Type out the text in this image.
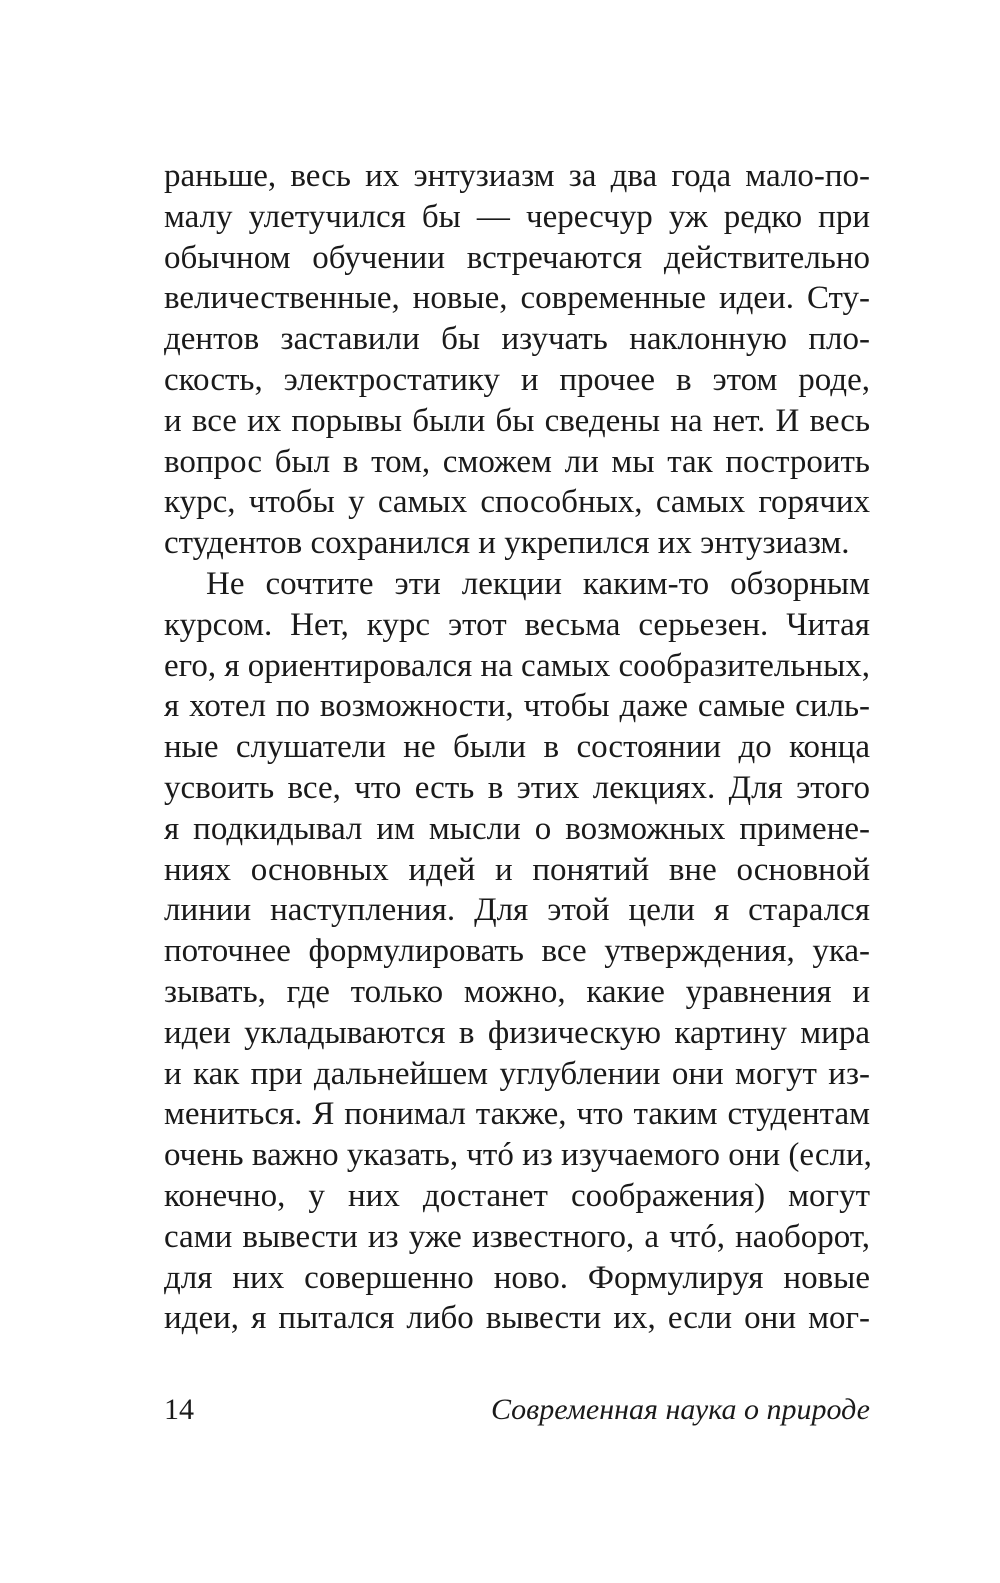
раньше, весь их энтузиазм за два года мало-по-
малу улетучился бы — чересчур уж редко при
обычном обучении встречаются действительно
величественные, новые, современные идеи. Сту-
дентов заставили бы изучать наклонную пло-
скость, электростатику и прочее в этом роде,
и все их порывы были бы сведены на нет. И весь
вопрос был в том, сможем ли мы так построить
курс, чтобы у самых способных, самых горячих
студентов сохранился и укрепился их энтузиазм.
Не сочтите эти лекции каким-то обзорным
курсом. Нет, курс этот весьма серьезен. Читая
его, я ориентировался на самых сообразительных,
я хотел по возможности, чтобы даже самые силь-
ные слушатели не были в состоянии до конца
усвоить все, что есть в этих лекциях. Для этого
я подкидывал им мысли о возможных примене-
ниях основных идей и понятий вне основной
линии наступления. Для этой цели я старался
поточнее формулировать все утверждения, ука-
зывать, где только можно, какие уравнения и
идеи укладываются в физическую картину мира
и как при дальнейшем углублении они могут из-
мениться. Я понимал также, что таким студентам
очень важно указать, чтó из изучаемого они (если,
конечно, у них достанет соображения) могут
сами вывести из уже известного, а чтó, наоборот,
для них совершенно ново. Формулируя новые
идеи, я пытался либо вывести их, если они мог-
14	Современная наука о природе
